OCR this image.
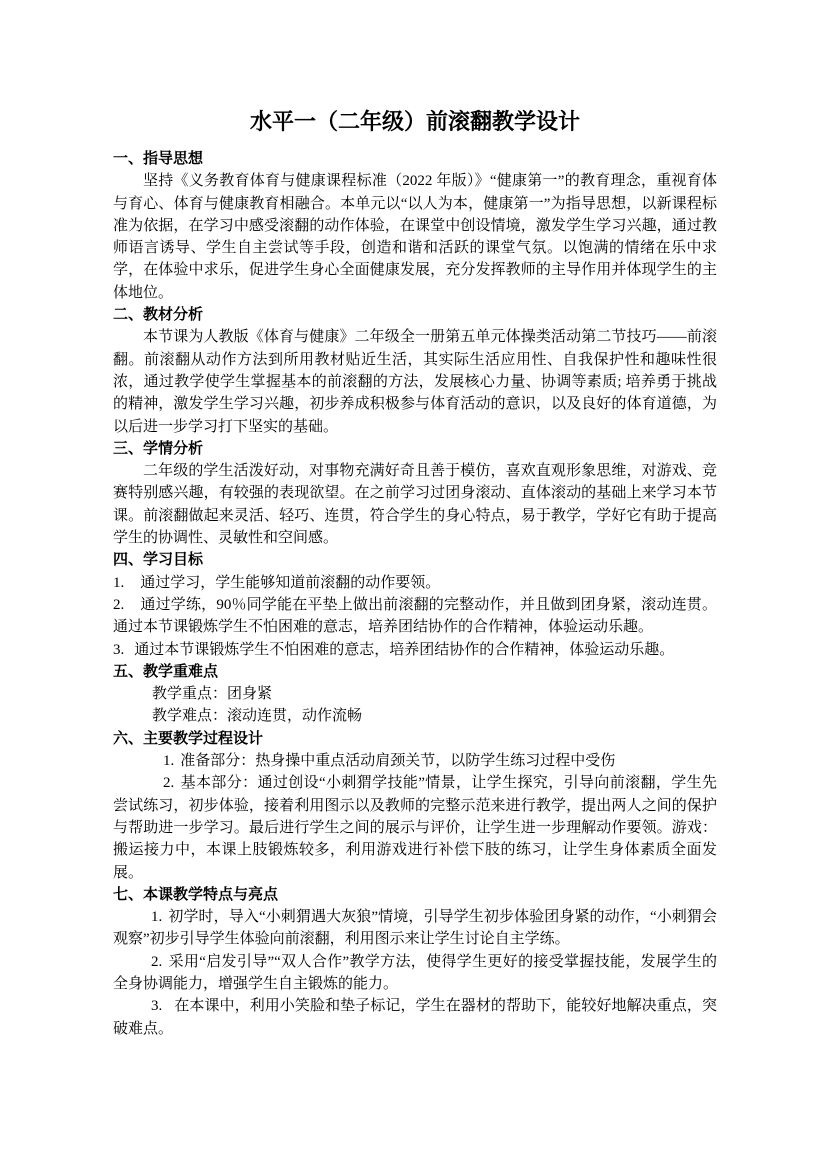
水平一（二年级）前滚翻教学设计
一、指导思想

坚持《义务教育体育与健康课程标准（2022 年版）》“健康第一”的教育理念，重视育体与育心、体育与健康教育相融合。本单元以“以人为本，健康第一”为指导思想，以新课程标准为依据，在学习中感受滚翻的动作体验，在课堂中创设情境，激发学生学习兴趣，通过教师语言诱导、学生自主尝试等手段，创造和谐和活跃的课堂气氛。以饱满的情绪在乐中求学，在体验中求乐，促进学生身心全面健康发展，充分发挥教师的主导作用并体现学生的主体地位。

二、教材分析

本节课为人教版《体育与健康》二年级全一册第五单元体操类活动第二节技巧——前滚翻。前滚翻从动作方法到所用教材贴近生活，其实际生活应用性、自我保护性和趣味性很浓，通过教学使学生掌握基本的前滚翻的方法，发展核心力量、协调等素质; 培养勇于挑战的精神，激发学生学习兴趣，初步养成积极参与体育活动的意识，以及良好的体育道德，为以后进一步学习打下坚实的基础。

三、学情分析

二年级的学生活泼好动，对事物充满好奇且善于模仿，喜欢直观形象思维，对游戏、竞赛特别感兴趣，有较强的表现欲望。在之前学习过团身滚动、直体滚动的基础上来学习本节课。前滚翻做起来灵活、轻巧、连贯，符合学生的身心特点，易于教学，学好它有助于提高学生的协调性、灵敏性和空间感。

四、学习目标

1. 通过学习，学生能够知道前滚翻的动作要领。

2. 通过学练，90％同学能在平垫上做出前滚翻的完整动作，并且做到团身紧，滚动连贯。通过本节课锻炼学生不怕困难的意志，培养团结协作的合作精神，体验运动乐趣。

3. 通过本节课锻炼学生不怕困难的意志，培养团结协作的合作精神，体验运动乐趣。

五、教学重难点

教学重点：团身紧

教学难点：滚动连贯，动作流畅

六、主要教学过程设计

1. 准备部分：热身操中重点活动肩颈关节，以防学生练习过程中受伤

2. 基本部分：通过创设“小刺猬学技能”情景，让学生探究，引导向前滚翻，学生先尝试练习，初步体验，接着利用图示以及教师的完整示范来进行教学，提出两人之间的保护与帮助进一步学习。最后进行学生之间的展示与评价，让学生进一步理解动作要领。游戏：搬运接力中，本课上肢锻炼较多，利用游戏进行补偿下肢的练习，让学生身体素质全面发展。

七、本课教学特点与亮点

1. 初学时，导入“小刺猬遇大灰狼”情境，引导学生初步体验团身紧的动作，“小刺猬会观察”初步引导学生体验向前滚翻，利用图示来让学生讨论自主学练。

2. 采用“启发引导”“双人合作”教学方法，使得学生更好的接受掌握技能，发展学生的全身协调能力，增强学生自主锻炼的能力。

3. 在本课中，利用小笑脸和垫子标记，学生在器材的帮助下，能较好地解决重点，突破难点。
